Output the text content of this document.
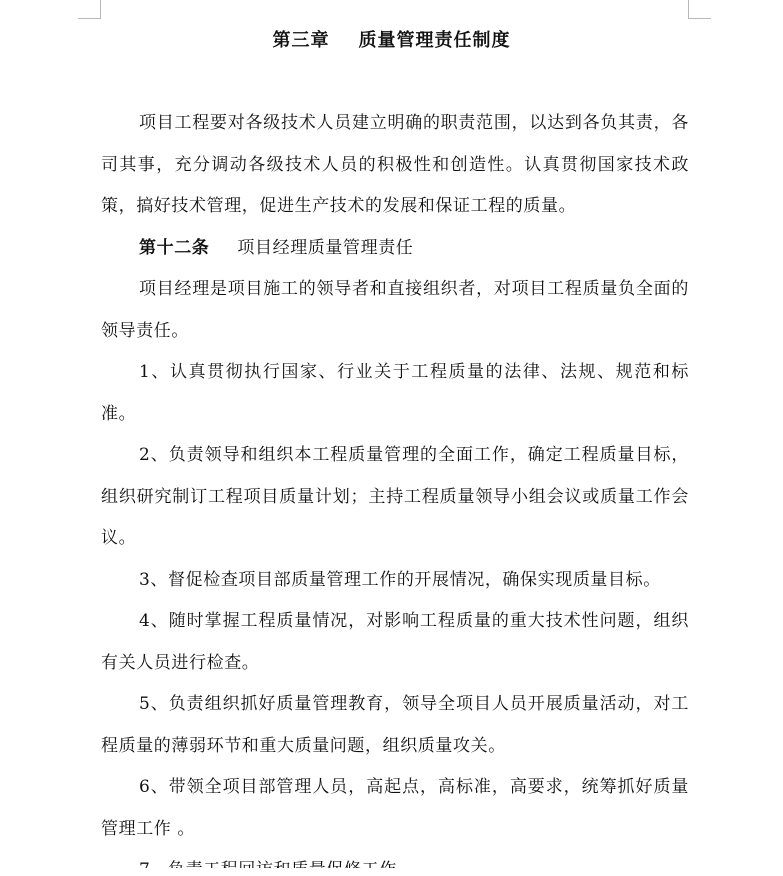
第三章    质量管理责任制度

项目工程要对各级技术人员建立明确的职责范围，以达到各负其责，各司其事，充分调动各级技术人员的积极性和创造性。认真贯彻国家技术政策，搞好技术管理，促进生产技术的发展和保证工程的质量。

第十二条 项目经理质量管理责任

项目经理是项目施工的领导者和直接组织者，对项目工程质量负全面的领导责任。

1、认真贯彻执行国家、行业关于工程质量的法律、法规、规范和标准。

2、负责领导和组织本工程质量管理的全面工作，确定工程质量目标，组织研究制订工程项目质量计划；主持工程质量领导小组会议或质量工作会议。

3、督促检查项目部质量管理工作的开展情况，确保实现质量目标。

4、随时掌握工程质量情况，对影响工程质量的重大技术性问题，组织有关人员进行检查。

5、负责组织抓好质量管理教育，领导全项目人员开展质量活动，对工程质量的薄弱环节和重大质量问题，组织质量攻关。

6、带领全项目部管理人员，高起点，高标准，高要求，统筹抓好质量管理工作 。
